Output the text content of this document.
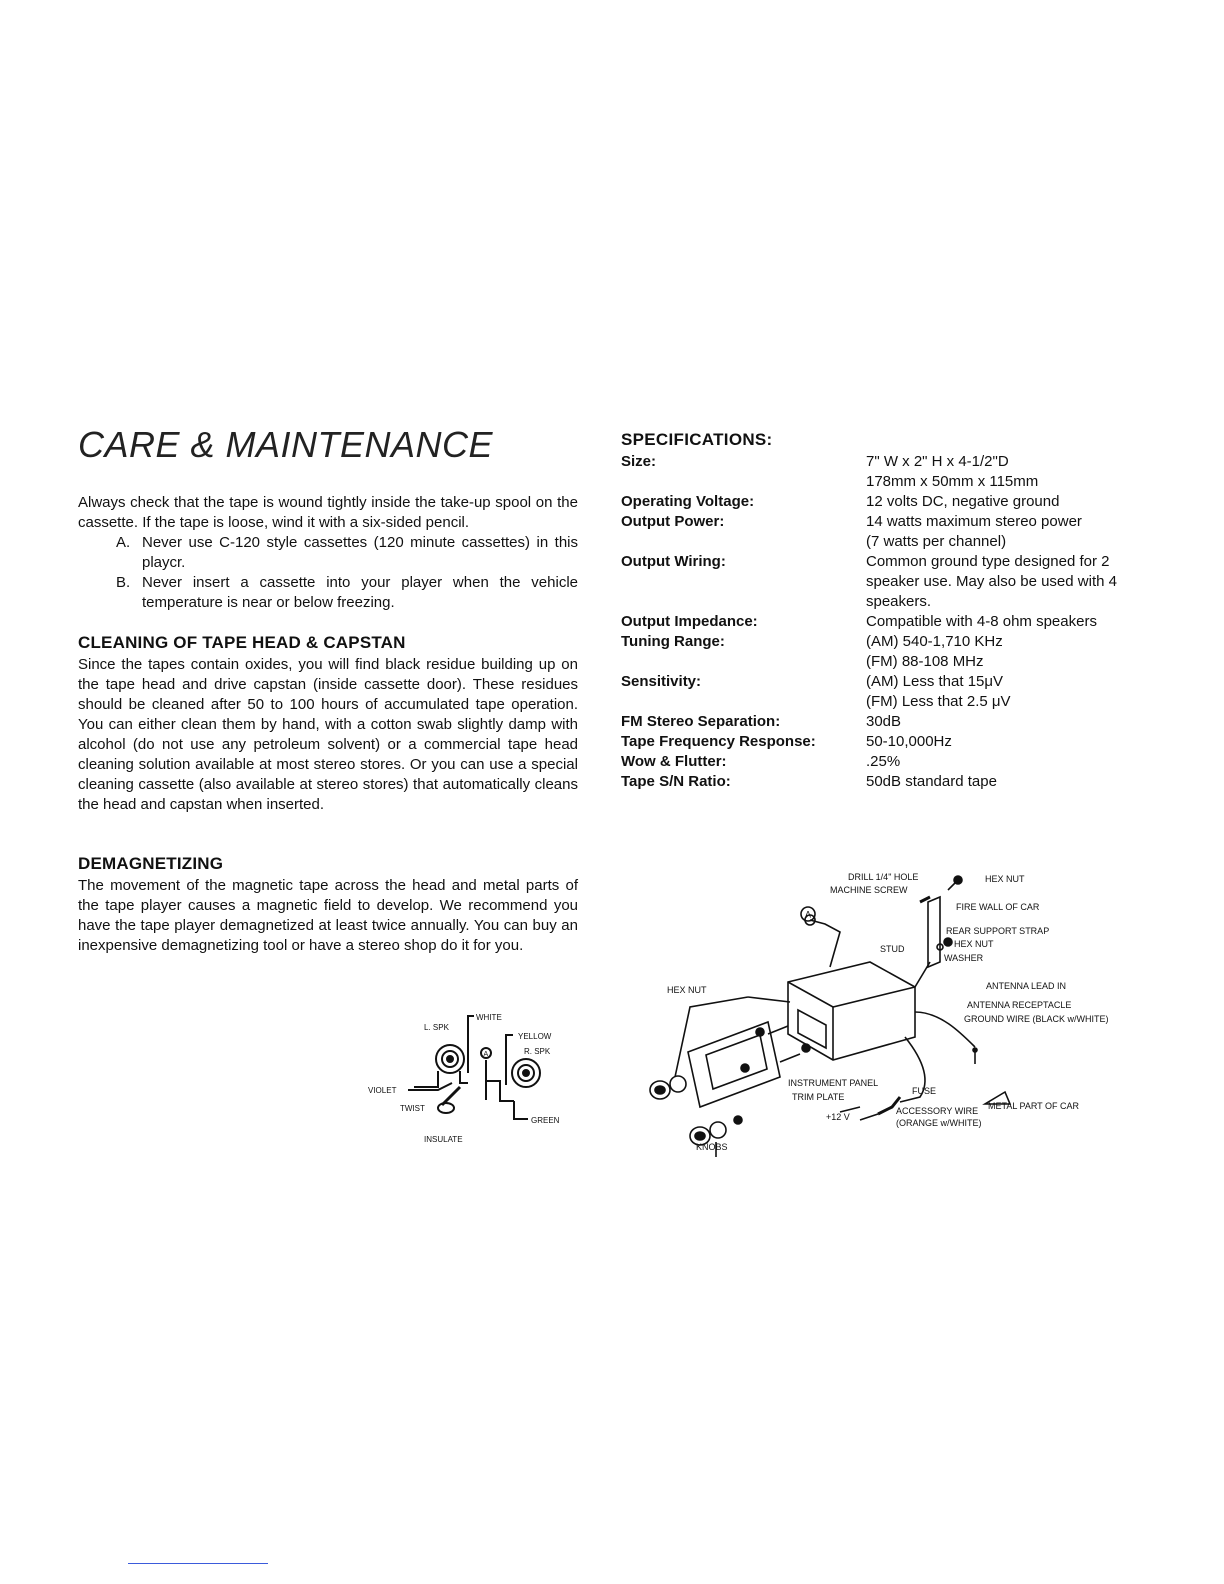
CARE & MAINTENANCE
Always check that the tape is wound tightly inside the take-up spool on the cassette. If the tape is loose, wind it with a six-sided pencil.
A. Never use C-120 style cassettes (120 minute cassettes) in this playcr.
B. Never insert a cassette into your player when the vehicle temperature is near or below freezing.
CLEANING OF TAPE HEAD & CAPSTAN
Since the tapes contain oxides, you will find black residue building up on the tape head and drive capstan (inside cassette door). These residues should be cleaned after 50 to 100 hours of accumulated tape operation. You can either clean them by hand, with a cotton swab slightly damp with alcohol (do not use any petroleum solvent) or a commercial tape head cleaning solution available at most stereo stores. Or you can use a special cleaning cassette (also available at stereo stores) that automatically cleans the head and capstan when inserted.
DEMAGNETIZING
The movement of the magnetic tape across the head and metal parts of the tape player causes a magnetic field to develop. We recommend you have the tape player demagnetized at least twice annually. You can buy an inexpensive demagnetizing tool or have a stereo shop do it for you.
WHITE
L. SPK
YELLOW
R. SPK
A
VIOLET
TWIST
GREEN
INSULATE
SPECIFICATIONS:
Size:	7" W x 2" H x 4-1/2"D
178mm x 50mm x 115mm
Operating Voltage:	12 volts DC, negative ground
Output Power:	14 watts maximum stereo power
(7 watts per channel)
Output Wiring:	Common ground type designed for 2
speaker use. May also be used with 4
speakers.
Output Impedance:	Compatible with 4-8 ohm speakers
Tuning Range:	(AM) 540-1,710 KHz
(FM) 88-108 MHz
Sensitivity:	(AM) Less that 15μV
(FM) Less that 2.5 μV
FM Stereo Separation:	30dB
Tape Frequency Response:	50-10,000Hz
Wow & Flutter:	.25%
Tape S/N Ratio:	50dB standard tape
DRILL 1/4" HOLE
MACHINE SCREW
HEX NUT
FIRE WALL OF CAR
REAR SUPPORT STRAP
HEX NUT
WASHER
STUD
ANTENNA LEAD IN
ANTENNA RECEPTACLE
GROUND WIRE (BLACK w/WHITE)
HEX NUT
INSTRUMENT PANEL
TRIM PLATE
+12 V
FUSE
ACCESSORY WIRE
(ORANGE w/WHITE)
METAL PART OF CAR
KNOBS
A
